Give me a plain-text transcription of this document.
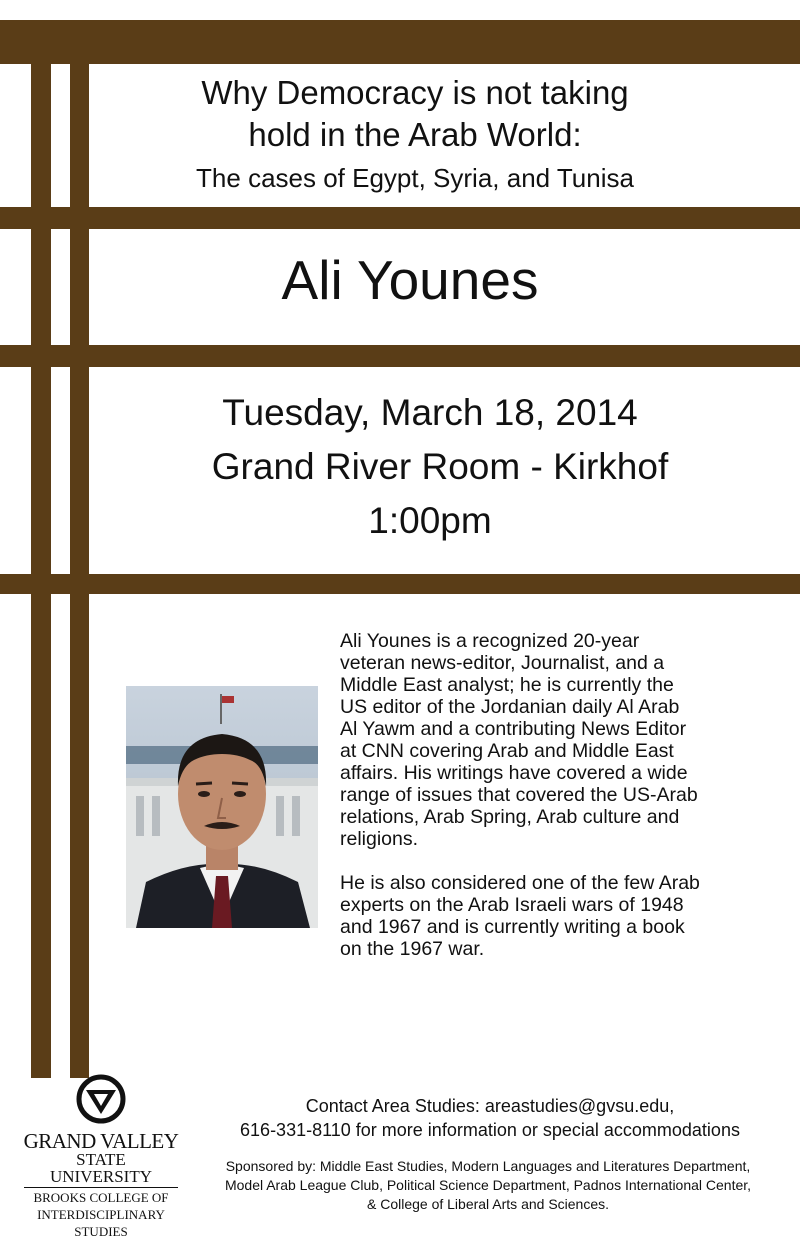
Why Democracy is not taking
hold in the Arab World:
The cases of Egypt, Syria, and Tunisa
Ali Younes
Tuesday, March 18, 2014
Grand River Room - Kirkhof
1:00pm

Ali Younes is a recognized 20-year
veteran news-editor, Journalist, and a
Middle East analyst; he is currently the
US editor of the Jordanian daily Al Arab
Al Yawm and a contributing News Editor
at CNN covering Arab and Middle East
affairs. His writings have covered a wide
range of issues that covered the US-Arab
relations, Arab Spring, Arab culture and
religions.

He is also considered one of the few Arab
experts on the Arab Israeli wars of 1948
and 1967 and is currently writing a book
on the 1967 war.

GRAND VALLEY
STATE UNIVERSITY
BROOKS COLLEGE OF
INTERDISCIPLINARY
STUDIES
Contact Area Studies: areastudies@gvsu.edu,
616-331-8110 for more information or special accommodations
Sponsored by: Middle East Studies, Modern Languages and Literatures Department,
Model Arab League Club, Political Science Department, Padnos International Center,
& College of Liberal Arts and Sciences.
